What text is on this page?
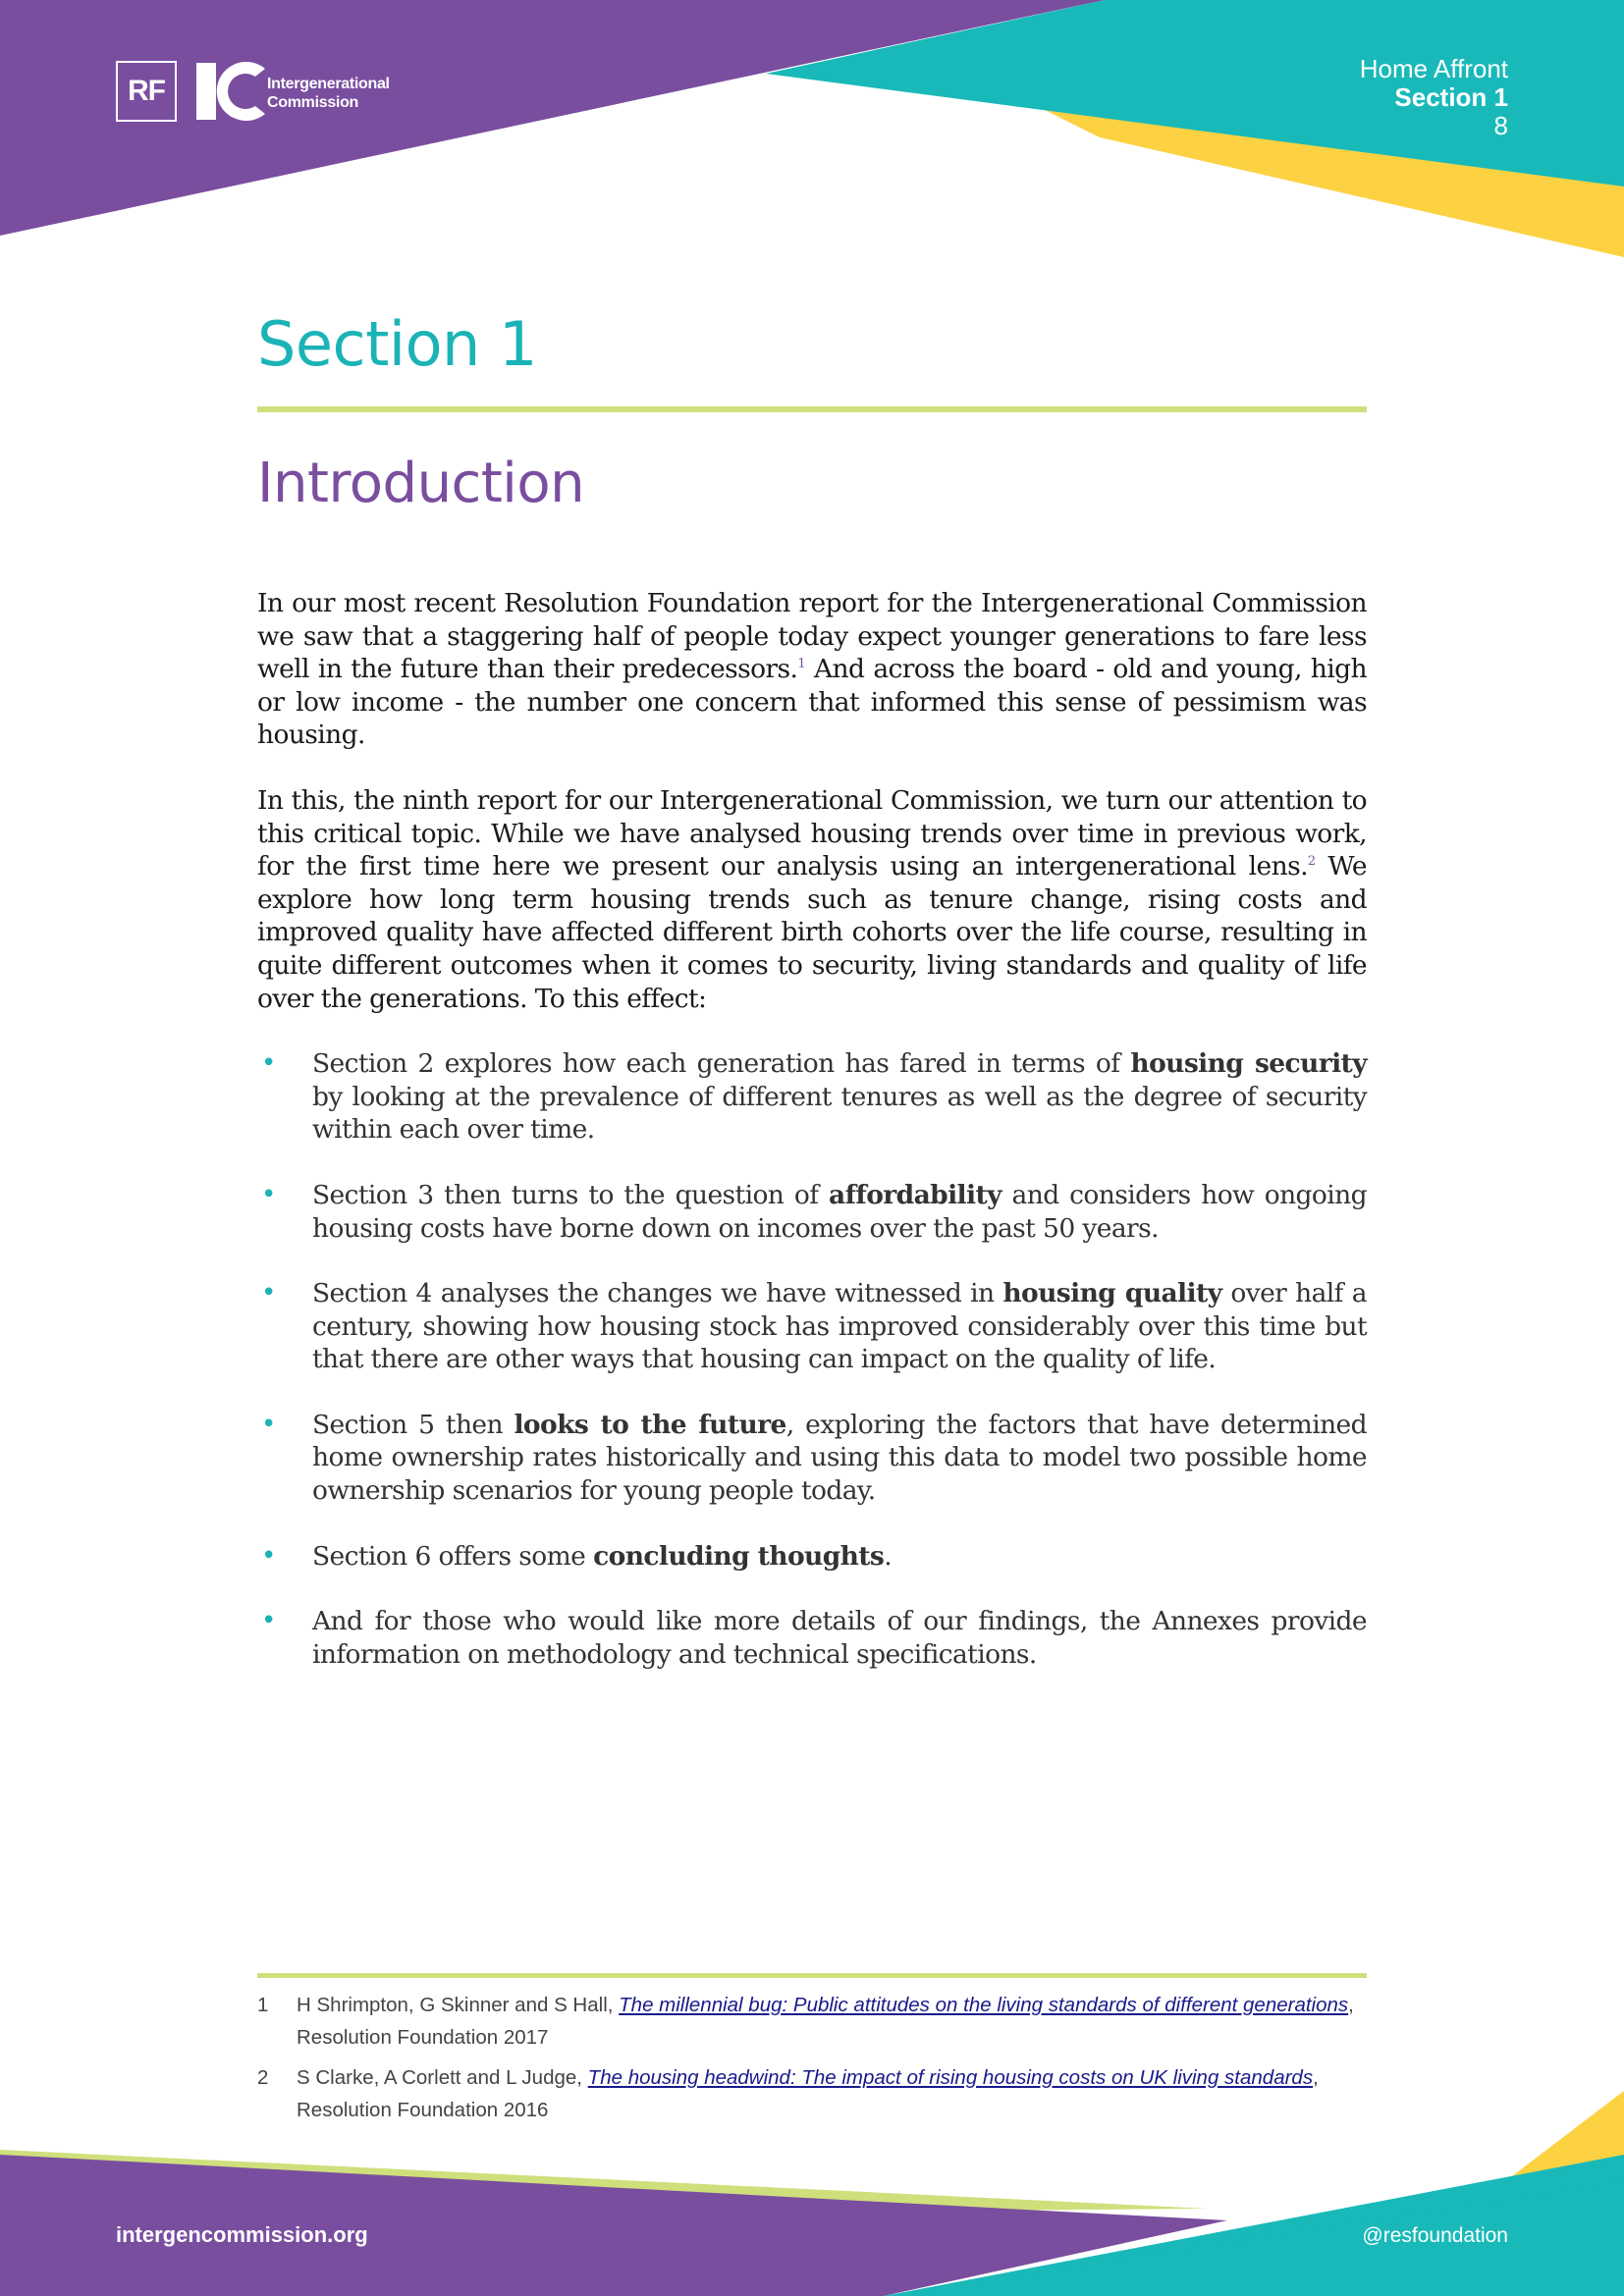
RF	Intergenerational
Commission
Home Affront
Section 1
8
Section 1
Introduction

In our most recent Resolution Foundation report for the Intergenerational Commission we saw that a staggering half of people today expect younger generations to fare less well in the future than their predecessors.$^1$ And across the board - old and young, high or low income - the number one concern that informed this sense of pessimism was housing.

In this, the ninth report for our Intergenerational Commission, we turn our attention to this critical topic. While we have analysed housing trends over time in previous work, for the first time here we present our analysis using an intergenerational lens.$^2$ We explore how long term housing trends such as tenure change, rising costs and improved quality have affected different birth cohorts over the life course, resulting in quite different outcomes when it comes to security, living standards and quality of life over the generations. To this effect:

• Section 2 explores how each generation has fared in terms of housing security by looking at the prevalence of different tenures as well as the degree of security within each over time.
• Section 3 then turns to the question of affordability and considers how ongoing housing costs have borne down on incomes over the past 50 years.
• Section 4 analyses the changes we have witnessed in housing quality over half a century, showing how housing stock has improved considerably over this time but that there are other ways that housing can impact on the quality of life.
• Section 5 then looks to the future, exploring the factors that have determined home ownership rates historically and using this data to model two possible home ownership scenarios for young people today.
• Section 6 offers some concluding thoughts.
• And for those who would like more details of our findings, the Annexes provide information on methodology and technical specifications.
1 H Shrimpton, G Skinner and S Hall, The millennial bug: Public attitudes on the living standards of different generations, Resolution Foundation 2017
2 S Clarke, A Corlett and L Judge, The housing headwind: The impact of rising housing costs on UK living standards, Resolution Foundation 2016
intergencommission.org	@resfoundation
